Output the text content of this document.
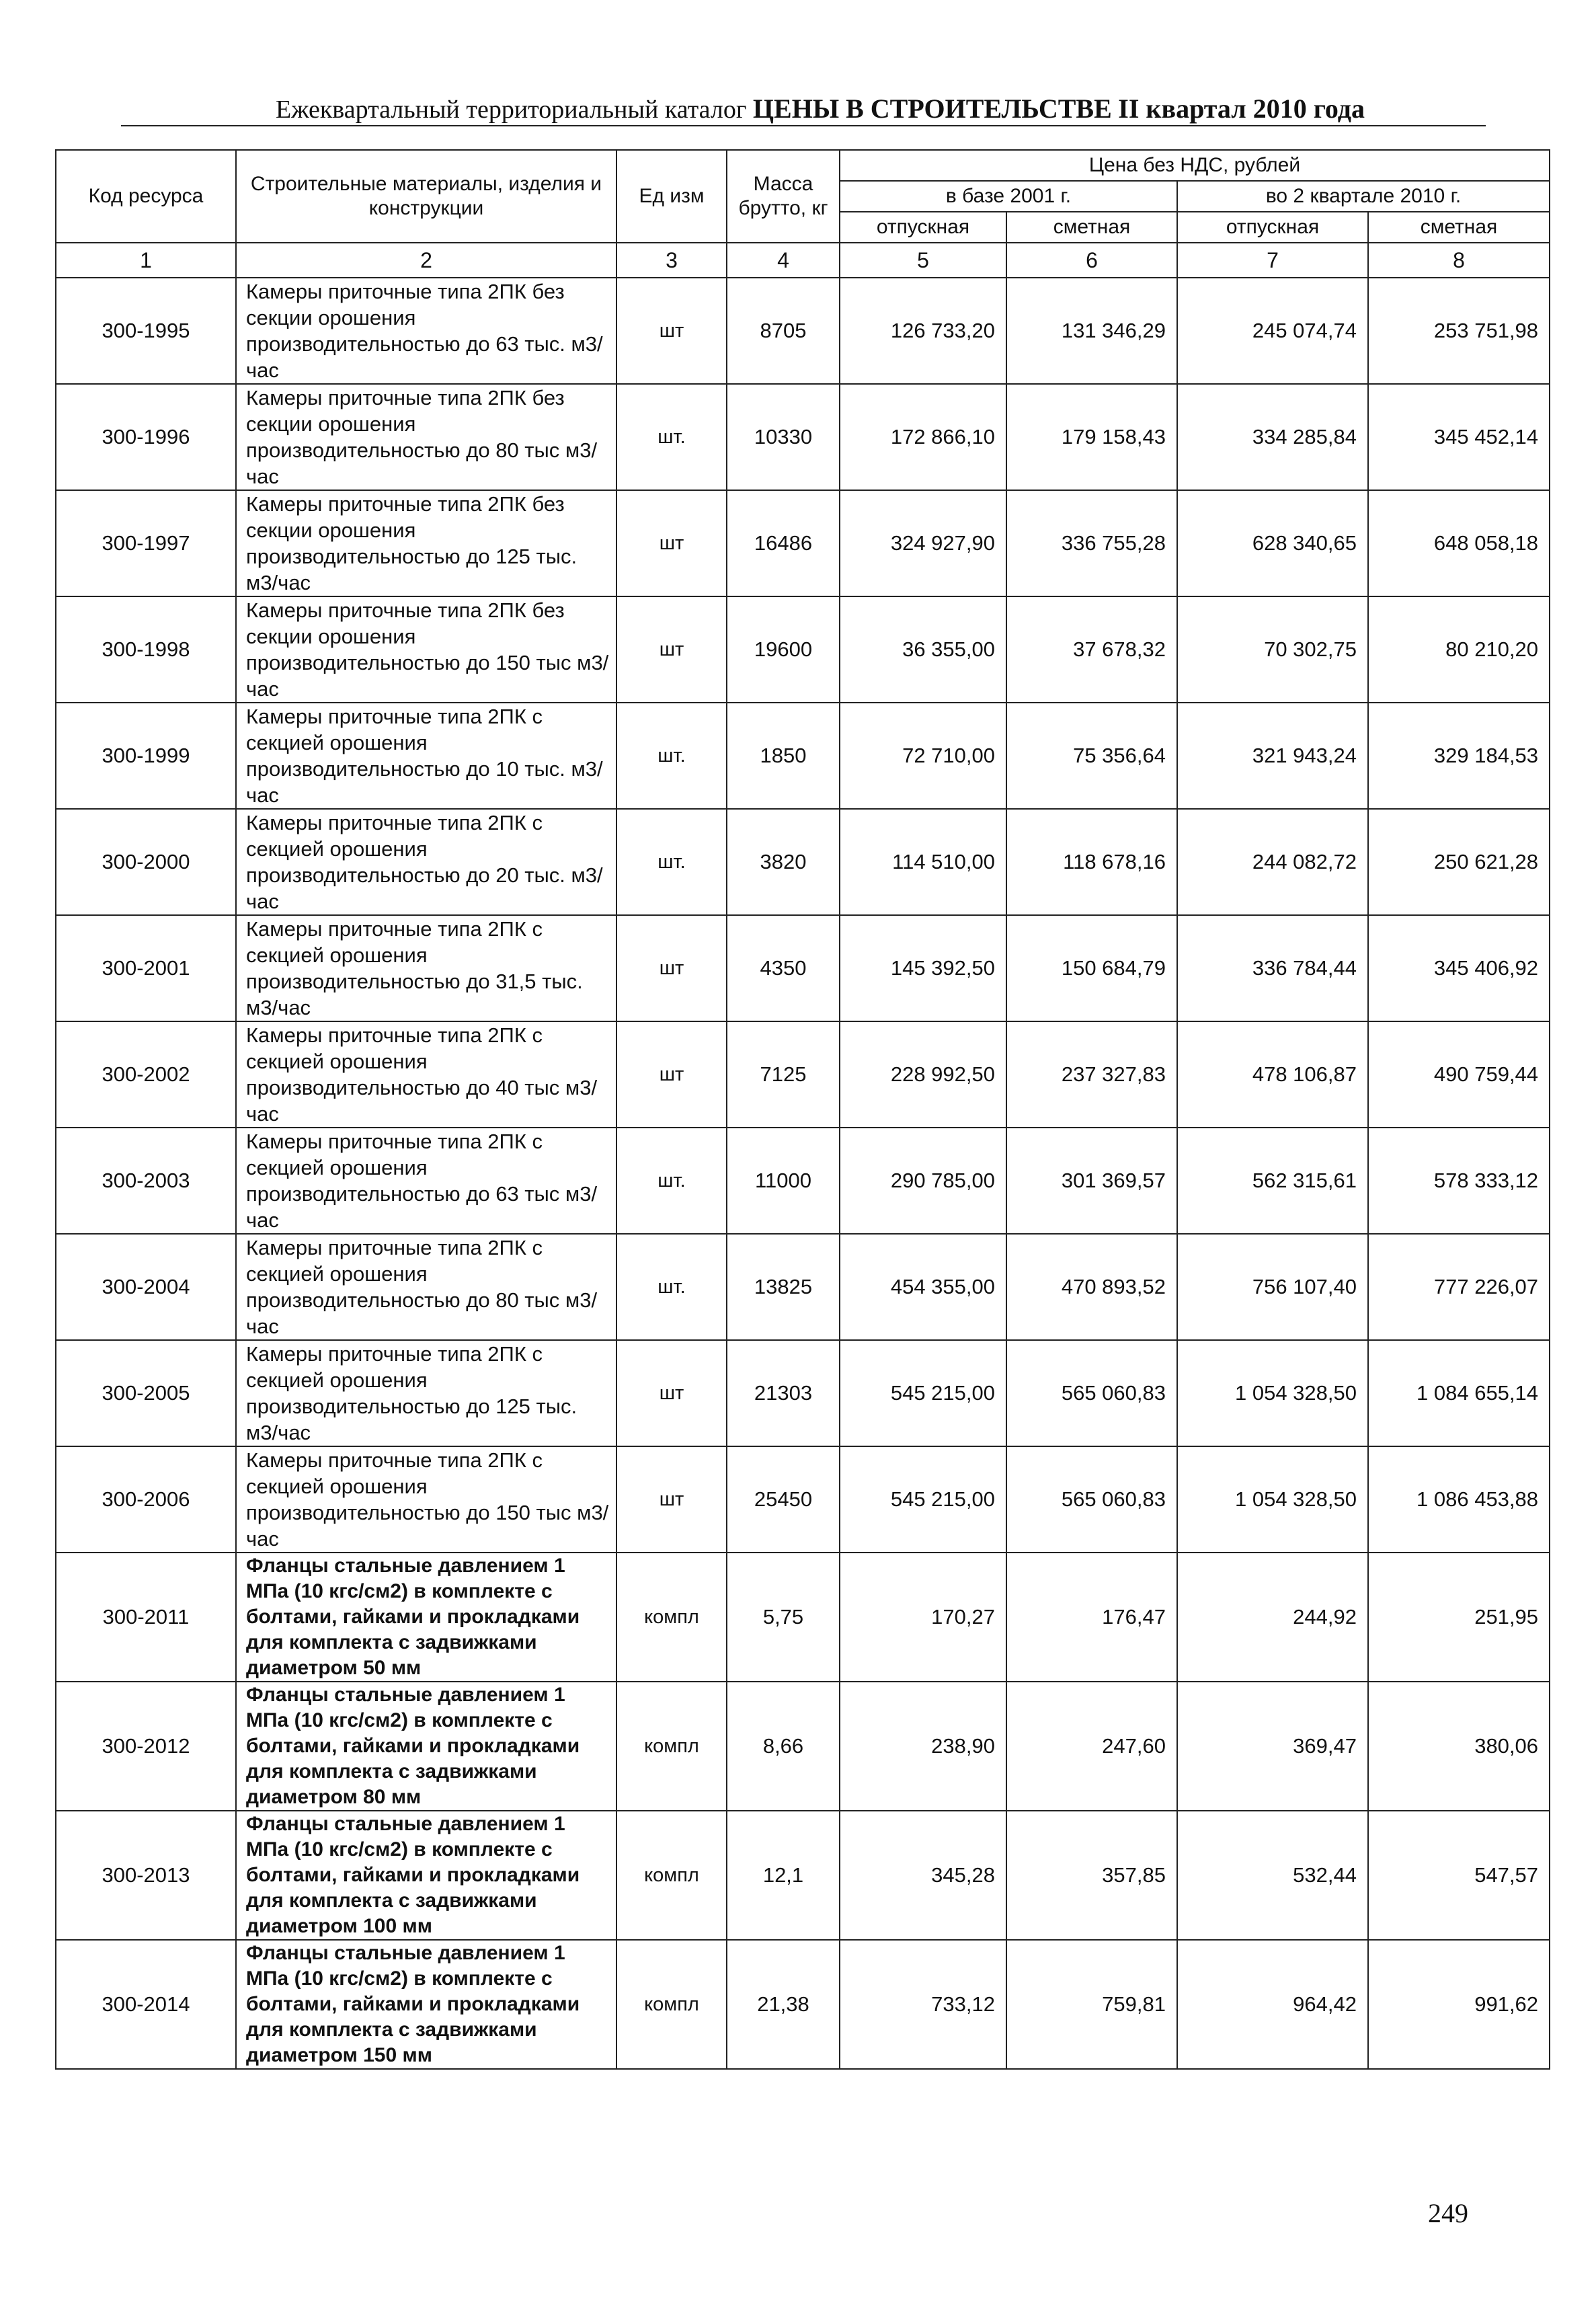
Ежеквартальный территориальный каталог ЦЕНЫ В СТРОИТЕЛЬСТВЕ II квартал 2010 года
Код ресурса	Строительные материалы, изделия и конструкции	Ед изм	Масса брутто, кг	Цена без НДС, рублей			
				в базе 2001 г.		во 2 квартале 2010 г.	
				отпускная	сметная	отпускная	сметная
1	2	3	4	5	6	7	8
300-1995	Камеры приточные типа 2ПК без секции орошения производительностью до 63 тыс. м3/час	шт	8705	126 733,20	131 346,29	245 074,74	253 751,98
300-1996	Камеры приточные типа 2ПК без секции орошения производительностью до 80 тыс м3/час	шт.	10330	172 866,10	179 158,43	334 285,84	345 452,14
300-1997	Камеры приточные типа 2ПК без секции орошения производительностью до 125 тыс. м3/час	шт	16486	324 927,90	336 755,28	628 340,65	648 058,18
300-1998	Камеры приточные типа 2ПК без секции орошения производительностью до 150 тыс м3/час	шт	19600	36 355,00	37 678,32	70 302,75	80 210,20
300-1999	Камеры приточные типа 2ПК с секцией орошения производительностью до 10 тыс. м3/час	шт.	1850	72 710,00	75 356,64	321 943,24	329 184,53
300-2000	Камеры приточные типа 2ПК с секцией орошения производительностью до 20 тыс. м3/час	шт.	3820	114 510,00	118 678,16	244 082,72	250 621,28
300-2001	Камеры приточные типа 2ПК с секцией орошения производительностью до 31,5 тыс. м3/час	шт	4350	145 392,50	150 684,79	336 784,44	345 406,92
300-2002	Камеры приточные типа 2ПК с секцией орошения производительностью до 40 тыс м3/час	шт	7125	228 992,50	237 327,83	478 106,87	490 759,44
300-2003	Камеры приточные типа 2ПК с секцией орошения производительностью до 63 тыс м3/час	шт.	11000	290 785,00	301 369,57	562 315,61	578 333,12
300-2004	Камеры приточные типа 2ПК с секцией орошения производительностью до 80 тыс м3/час	шт.	13825	454 355,00	470 893,52	756 107,40	777 226,07
300-2005	Камеры приточные типа 2ПК с секцией орошения производительностью до 125 тыс. м3/час	шт	21303	545 215,00	565 060,83	1 054 328,50	1 084 655,14
300-2006	Камеры приточные типа 2ПК с секцией орошения производительностью до 150 тыс м3/час	шт	25450	545 215,00	565 060,83	1 054 328,50	1 086 453,88
300-2011	Фланцы стальные давлением 1 МПа (10 кгс/см2) в комплекте с болтами, гайками и прокладками для комплекта с задвижками диаметром 50 мм	компл	5,75	170,27	176,47	244,92	251,95
300-2012	Фланцы стальные давлением 1 МПа (10 кгс/см2) в комплекте с болтами, гайками и прокладками для комплекта с задвижками диаметром 80 мм	компл	8,66	238,90	247,60	369,47	380,06
300-2013	Фланцы стальные давлением 1 МПа (10 кгс/см2) в комплекте с болтами, гайками и прокладками для комплекта с задвижками диаметром 100 мм	компл	12,1	345,28	357,85	532,44	547,57
300-2014	Фланцы стальные давлением 1 МПа (10 кгс/см2) в комплекте с болтами, гайками и прокладками для комплекта с задвижками диаметром 150 мм	компл	21,38	733,12	759,81	964,42	991,62
249
